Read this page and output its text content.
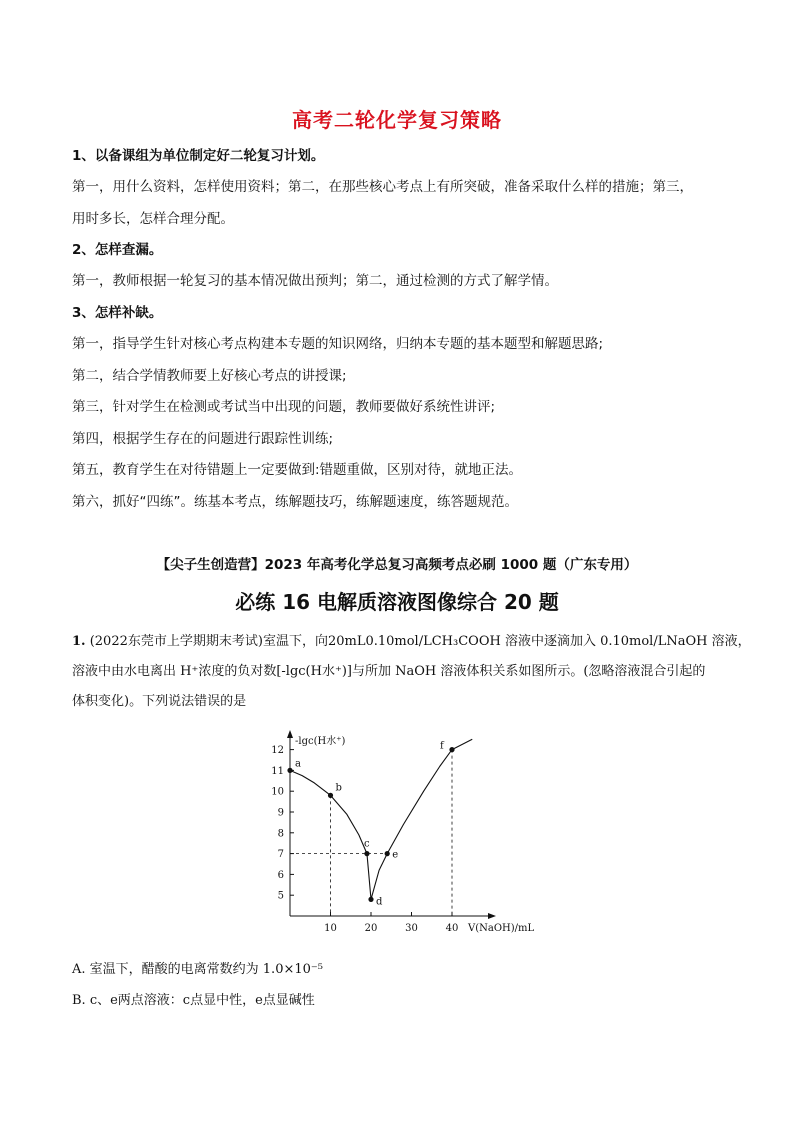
高考二轮化学复习策略
1、以备课组为单位制定好二轮复习计划。
第一，用什么资料，怎样使用资料；第二，在那些核心考点上有所突破，准备采取什么样的措施；第三，
用时多长，怎样合理分配。
2、怎样查漏。
第一，教师根据一轮复习的基本情况做出预判；第二，通过检测的方式了解学情。
3、怎样补缺。
第一，指导学生针对核心考点构建本专题的知识网络，归纳本专题的基本题型和解题思路;
第二，结合学情教师要上好核心考点的讲授课;
第三，针对学生在检测或考试当中出现的问题，教师要做好系统性讲评;
第四，根据学生存在的问题进行跟踪性训练;
第五，教育学生在对待错题上一定要做到:错题重做，区别对待，就地正法。
第六，抓好“四练”。练基本考点，练解题技巧，练解题速度，练答题规范。
【尖子生创造营】2023 年高考化学总复习高频考点必刷 1000 题（广东专用）
必练 16 电解质溶液图像综合 20 题
1. (2022东莞市上学期期末考试)室温下，向20mL0.10mol/LCH₃COOH 溶液中逐滴加入 0.10mol/LNaOH 溶液，
溶液中由水电离出 H⁺浓度的负对数[-lgc(H水⁺)]与所加 NaOH 溶液体积关系如图所示。(忽略溶液混合引起的
体积变化)。下列说法错误的是
5
6
7
8
9
10
11
12
10	20	30	40
-lgc(H水⁺)
V(NaOH)/mL
a
b
c
d
e
f
A. 室温下，醋酸的电离常数约为 1.0×10⁻⁵
B. c、e两点溶液：c点显中性，e点显碱性
